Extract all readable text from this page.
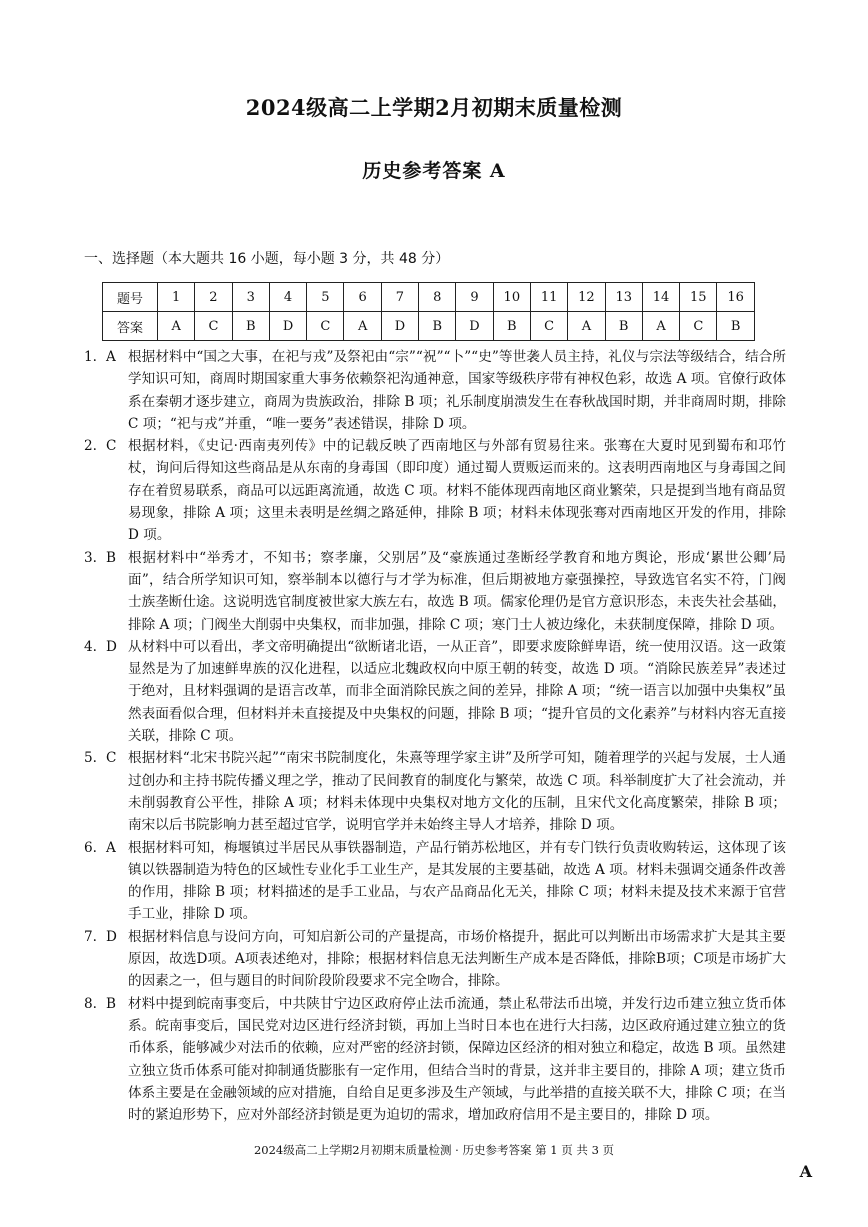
2024级高二上学期2月初期末质量检测
历史参考答案 A
一、选择题（本大题共 16 小题，每小题 3 分，共 48 分）
题号	1	2	3	4	5	6	7	8	9	10	11	12	13	14	15	16
答案	A	C	B	D	C	A	D	B	D	B	C	A	B	A	C	B
1. A 根据材料中“国之大事，在祀与戎”及祭祀由“宗”“祝”“卜”“史”等世袭人员主持，礼仪与宗法等级结合，结合所学知识可知，商周时期国家重大事务依赖祭祀沟通神意，国家等级秩序带有神权色彩，故选 A 项。官僚行政体系在秦朝才逐步建立，商周为贵族政治，排除 B 项；礼乐制度崩溃发生在春秋战国时期，并非商周时期，排除 C 项；“祀与戎”并重，“唯一要务”表述错误，排除 D 项。
2. C 根据材料，《史记·西南夷列传》中的记载反映了西南地区与外部有贸易往来。张骞在大夏时见到蜀布和邛竹杖，询问后得知这些商品是从东南的身毒国（即印度）通过蜀人贾贩运而来的。这表明西南地区与身毒国之间存在着贸易联系，商品可以远距离流通，故选 C 项。材料不能体现西南地区商业繁荣，只是提到当地有商品贸易现象，排除 A 项；这里未表明是丝绸之路延伸，排除 B 项；材料未体现张骞对西南地区开发的作用，排除 D 项。
3. B 根据材料中“举秀才，不知书；察孝廉，父别居”及“豪族通过垄断经学教育和地方舆论，形成‘累世公卿’局面”，结合所学知识可知，察举制本以德行与才学为标准，但后期被地方豪强操控，导致选官名实不符，门阀士族垄断仕途。这说明选官制度被世家大族左右，故选 B 项。儒家伦理仍是官方意识形态，未丧失社会基础，排除 A 项；门阀坐大削弱中央集权，而非加强，排除 C 项；寒门士人被边缘化，未获制度保障，排除 D 项。
4. D 从材料中可以看出，孝文帝明确提出“欲断诸北语，一从正音”，即要求废除鲜卑语，统一使用汉语。这一政策显然是为了加速鲜卑族的汉化进程，以适应北魏政权向中原王朝的转变，故选 D 项。“消除民族差异”表述过于绝对，且材料强调的是语言改革，而非全面消除民族之间的差异，排除 A 项；“统一语言以加强中央集权”虽然表面看似合理，但材料并未直接提及中央集权的问题，排除 B 项；“提升官员的文化素养”与材料内容无直接关联，排除 C 项。
5. C 根据材料“北宋书院兴起”“南宋书院制度化，朱熹等理学家主讲”及所学可知，随着理学的兴起与发展，士人通过创办和主持书院传播义理之学，推动了民间教育的制度化与繁荣，故选 C 项。科举制度扩大了社会流动，并未削弱教育公平性，排除 A 项；材料未体现中央集权对地方文化的压制，且宋代文化高度繁荣，排除 B 项；南宋以后书院影响力甚至超过官学，说明官学并未始终主导人才培养，排除 D 项。
6. A 根据材料可知，梅堰镇过半居民从事铁器制造，产品行销苏松地区，并有专门铁行负责收购转运，这体现了该镇以铁器制造为特色的区域性专业化手工业生产，是其发展的主要基础，故选 A 项。材料未强调交通条件改善的作用，排除 B 项；材料描述的是手工业品，与农产品商品化无关，排除 C 项；材料未提及技术来源于官营手工业，排除 D 项。
7. D 根据材料信息与设问方向，可知启新公司的产量提高，市场价格提升，据此可以判断出市场需求扩大是其主要原因，故选D项。A项表述绝对，排除；根据材料信息无法判断生产成本是否降低，排除B项；C项是市场扩大的因素之一，但与题目的时间阶段阶段要求不完全吻合，排除。
8. B 材料中提到皖南事变后，中共陕甘宁边区政府停止法币流通，禁止私带法币出境，并发行边币建立独立货币体系。皖南事变后，国民党对边区进行经济封锁，再加上当时日本也在进行大扫荡，边区政府通过建立独立的货币体系，能够减少对法币的依赖，应对严密的经济封锁，保障边区经济的相对独立和稳定，故选 B 项。虽然建立独立货币体系可能对抑制通货膨胀有一定作用，但结合当时的背景，这并非主要目的，排除 A 项；建立货币体系主要是在金融领域的应对措施，自给自足更多涉及生产领域，与此举措的直接关联不大，排除 C 项；在当时的紧迫形势下，应对外部经济封锁是更为迫切的需求，增加政府信用不是主要目的，排除 D 项。
2024级高二上学期2月初期末质量检测 · 历史参考答案 第 1 页 共 3 页
A
